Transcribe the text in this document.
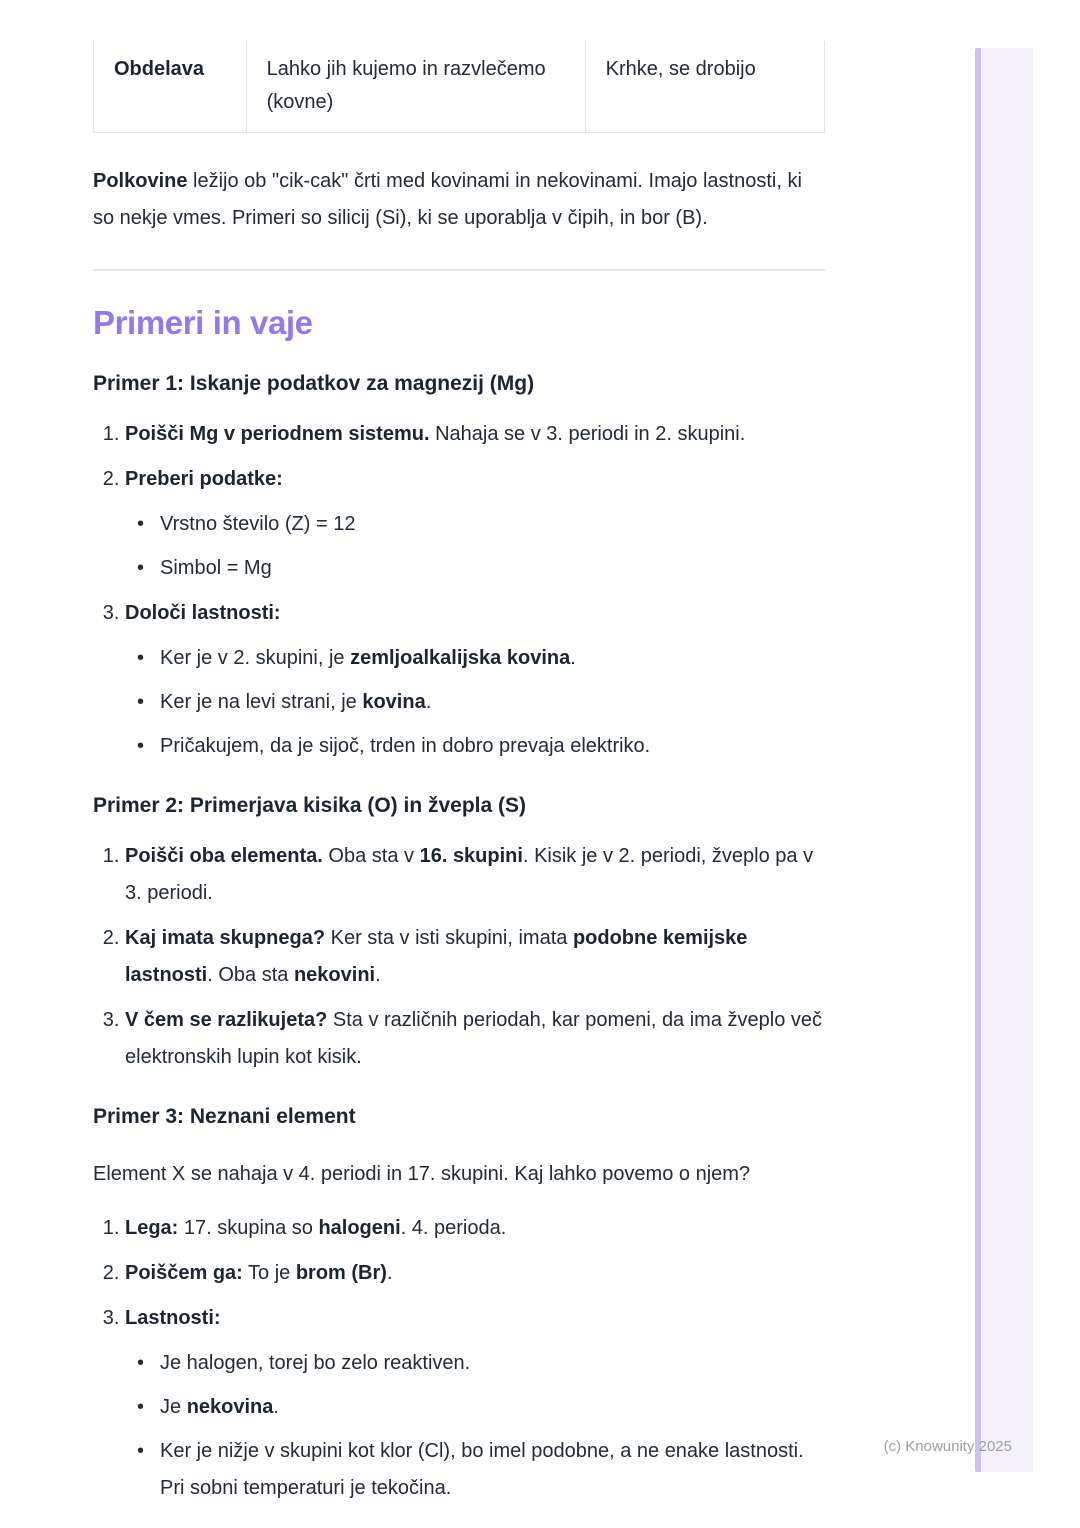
Obdelava	Lahko jih kujemo in razvlečemo (kovne)
Krhke, se drobijo

Polkovine ležijo ob "cik-cak" črti med kovinami in nekovinami. Imajo lastnosti, ki so nekje vmes. Primeri so silicij (Si), ki se uporablja v čipih, in bor (B).

Primeri in vaje
Primer 1: Iskanje podatkov za magnezij (Mg)
1. Poišči Mg v periodnem sistemu. Nahaja se v 3. periodi in 2. skupini.
2. Preberi podatke:
• Vrstno število (Z) = 12
• Simbol = Mg
3. Določi lastnosti:
• Ker je v 2. skupini, je zemljoalkalijska kovina.
• Ker je na levi strani, je kovina.
• Pričakujem, da je sijoč, trden in dobro prevaja elektriko.
Primer 2: Primerjava kisika (O) in žvepla (S)
1. Poišči oba elementa. Oba sta v 16. skupini. Kisik je v 2. periodi, žveplo pa v 3. periodi.
2. Kaj imata skupnega? Ker sta v isti skupini, imata podobne kemijske lastnosti. Oba sta nekovini.
3. V čem se razlikujeta? Sta v različnih periodah, kar pomeni, da ima žveplo več elektronskih lupin kot kisik.
Primer 3: Neznani element

Element X se nahaja v 4. periodi in 17. skupini. Kaj lahko povemo o njem?

1. Lega: 17. skupina so halogeni. 4. perioda.
2. Poiščem ga: To je brom (Br).
3. Lastnosti:
• Je halogen, torej bo zelo reaktiven.
• Je nekovina.
• Ker je nižje v skupini kot klor (Cl), bo imel podobne, a ne enake lastnosti. Pri sobni temperaturi je tekočina.
(c) Knowunity 2025
